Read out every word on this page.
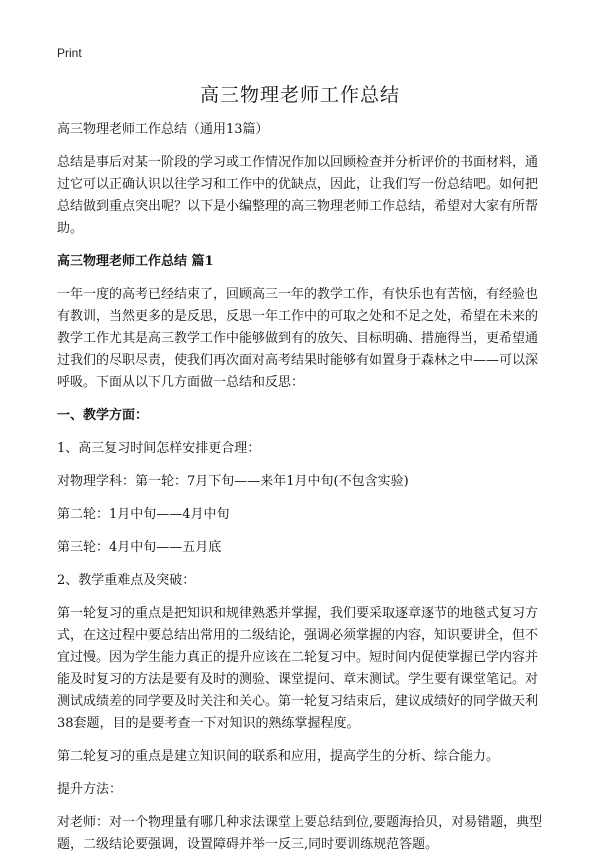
Print
高三物理老师工作总结

高三物理老师工作总结（通用13篇）

总结是事后对某一阶段的学习或工作情况作加以回顾检查并分析评价的书面材料，通过它可以正确认识以往学习和工作中的优缺点，因此，让我们写一份总结吧。如何把总结做到重点突出呢？以下是小编整理的高三物理老师工作总结，希望对大家有所帮助。

高三物理老师工作总结 篇1

一年一度的高考已经结束了，回顾高三一年的教学工作，有快乐也有苦恼，有经验也有教训，当然更多的是反思，反思一年工作中的可取之处和不足之处，希望在未来的教学工作尤其是高三教学工作中能够做到有的放矢、目标明确、措施得当，更希望通过我们的尽职尽责，使我们再次面对高考结果时能够有如置身于森林之中——可以深呼吸。下面从以下几方面做一总结和反思：

一、教学方面：

1、高三复习时间怎样安排更合理：

对物理学科：第一轮：7月下旬——来年1月中旬(不包含实验)

第二轮：1月中旬——4月中旬

第三轮：4月中旬——五月底

2、教学重难点及突破：

第一轮复习的重点是把知识和规律熟悉并掌握，我们要采取逐章逐节的地毯式复习方式，在这过程中要总结出常用的二级结论，强调必须掌握的内容，知识要讲全，但不宜过慢。因为学生能力真正的提升应该在二轮复习中。短时间内促使掌握已学内容并能及时复习的方法是要有及时的测验、课堂提问、章末测试。学生要有课堂笔记。对测试成绩差的同学要及时关注和关心。第一轮复习结束后，建议成绩好的同学做天利38套题，目的是要考查一下对知识的熟练掌握程度。

第二轮复习的重点是建立知识间的联系和应用，提高学生的分析、综合能力。

提升方法：

对老师：对一个物理量有哪几种求法课堂上要总结到位,要题海拾贝，对易错题，典型题，二级结论要强调，设置障碍并举一反三,同时要训练规范答题。
